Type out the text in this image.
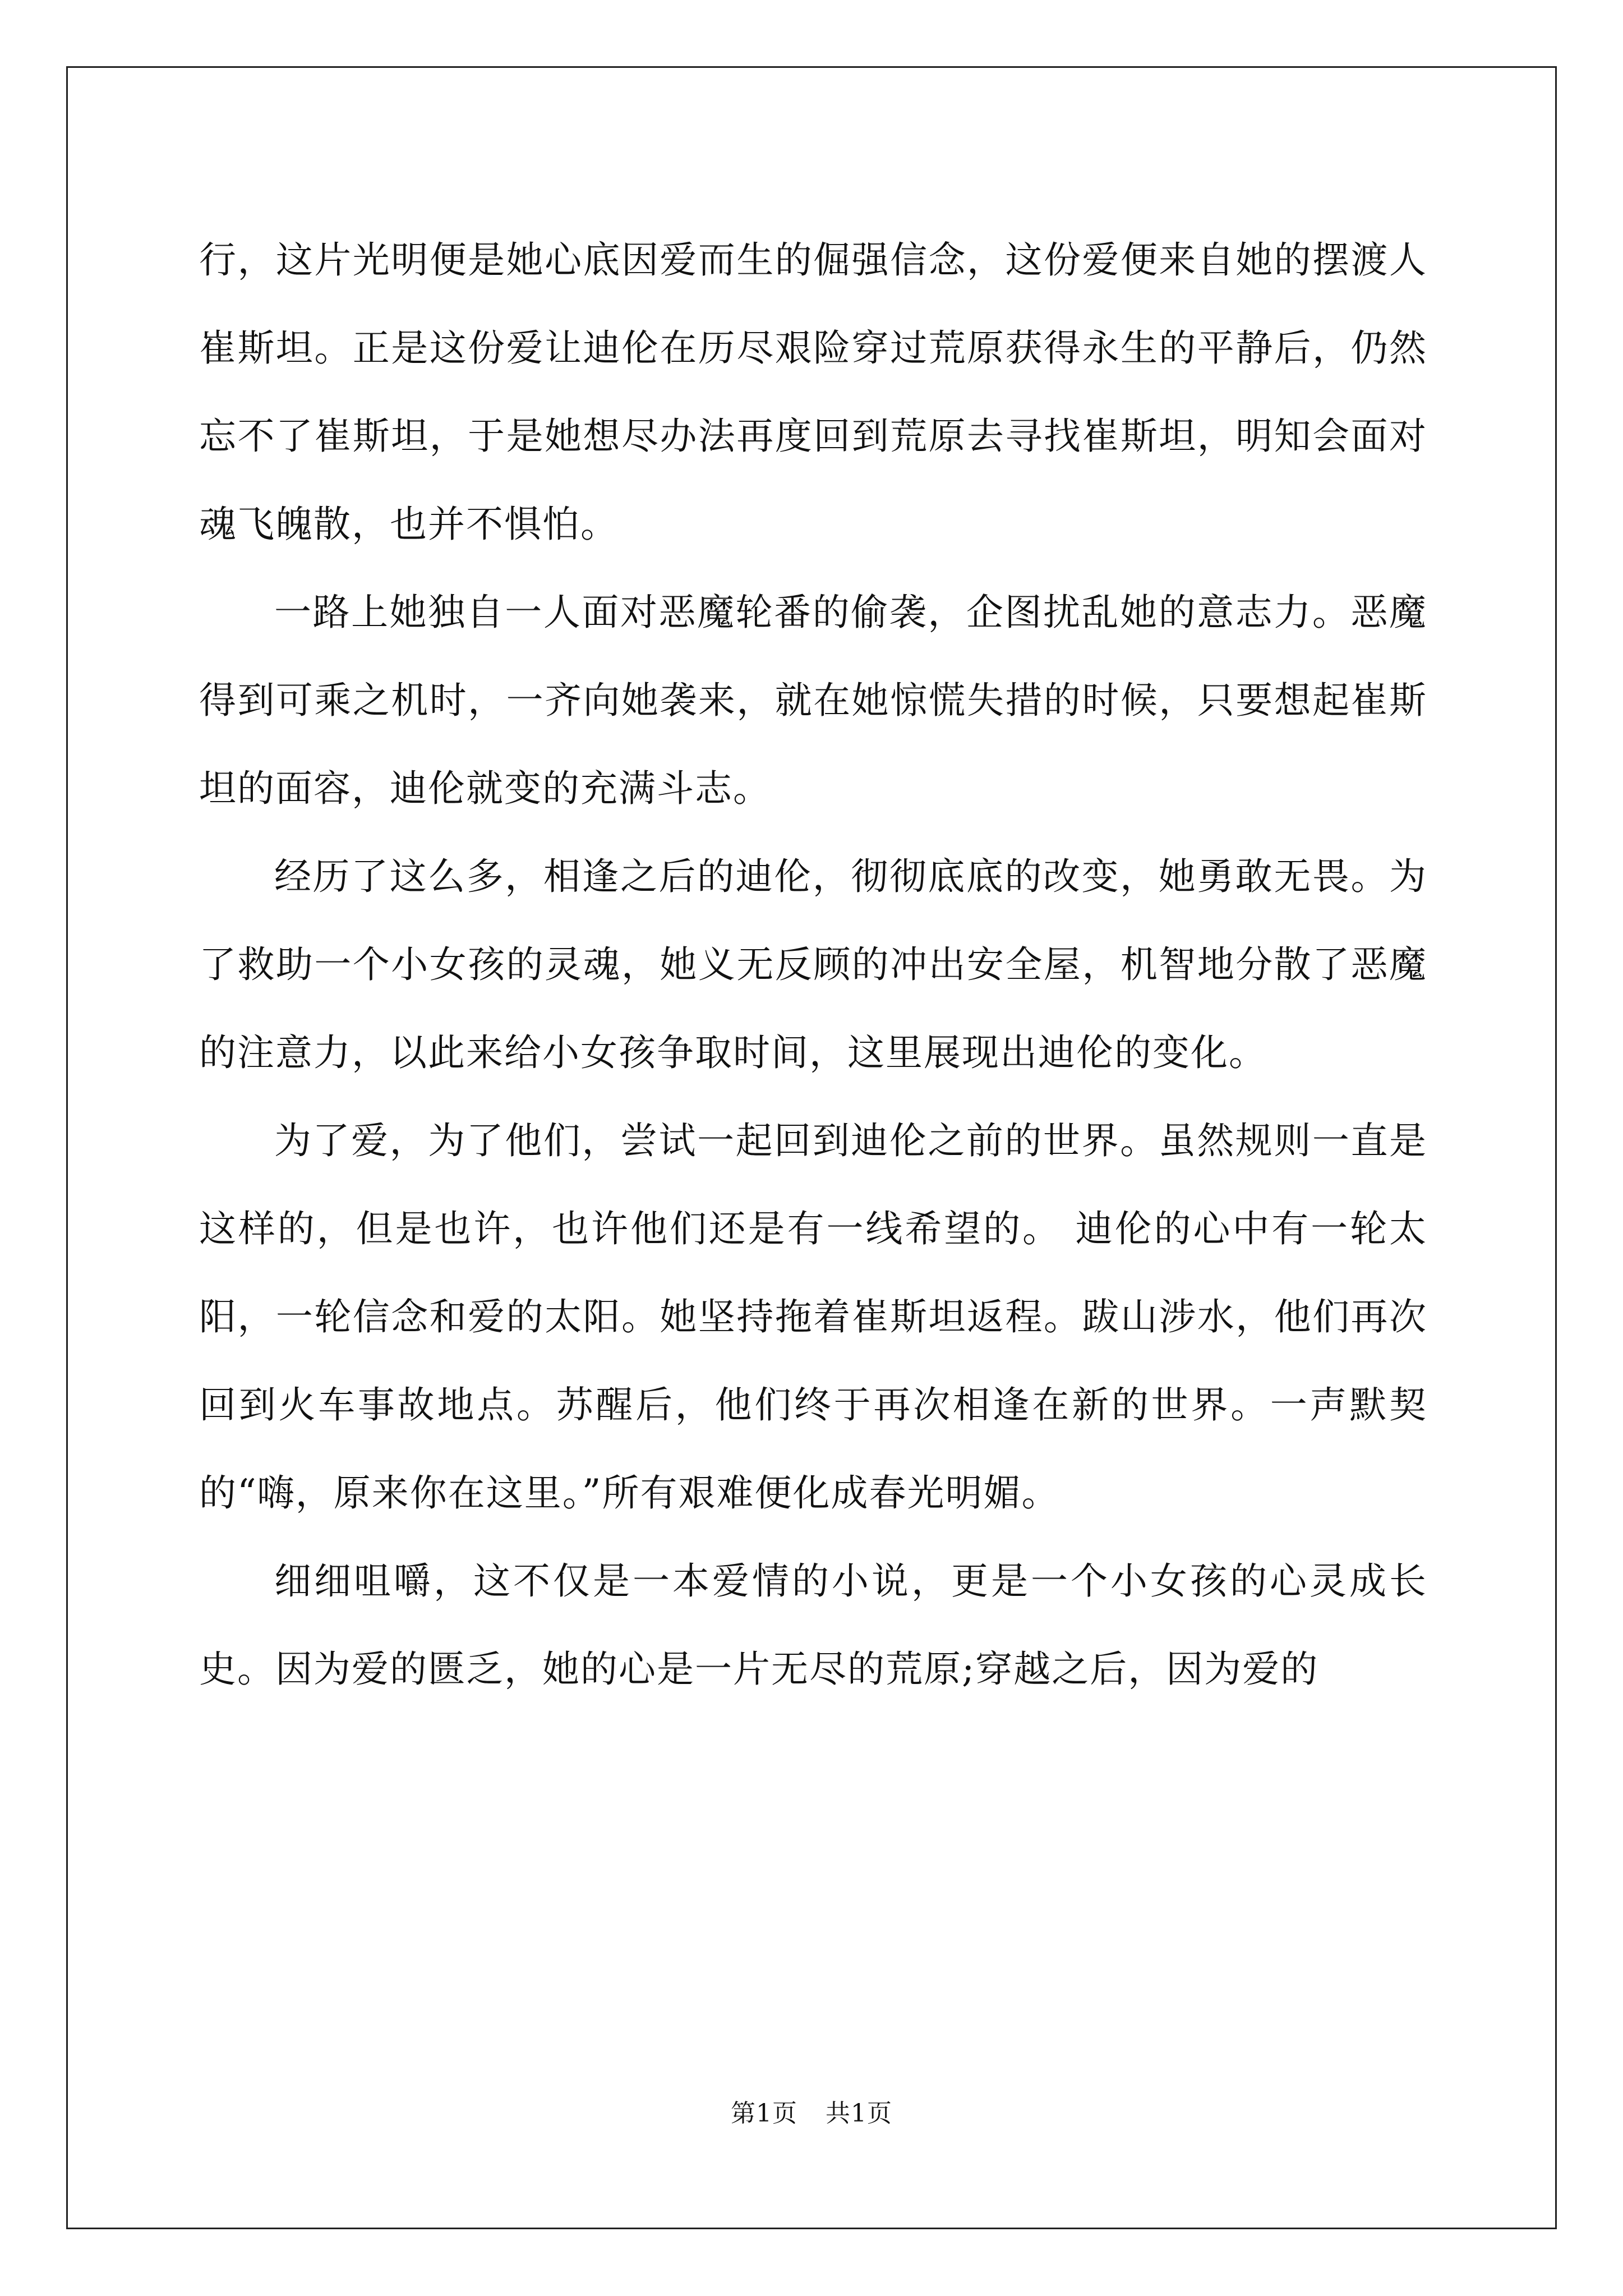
行，这片光明便是她心底因爱而生的倔强信念，这份爱便来自她的摆渡人崔斯坦。正是这份爱让迪伦在历尽艰险穿过荒原获得永生的平静后，仍然忘不了崔斯坦，于是她想尽办法再度回到荒原去寻找崔斯坦，明知会面对魂飞魄散，也并不惧怕。

一路上她独自一人面对恶魔轮番的偷袭，企图扰乱她的意志力。恶魔得到可乘之机时，一齐向她袭来，就在她惊慌失措的时候，只要想起崔斯坦的面容，迪伦就变的充满斗志。

经历了这么多，相逢之后的迪伦，彻彻底底的改变，她勇敢无畏。为了救助一个小女孩的灵魂，她义无反顾的冲出安全屋，机智地分散了恶魔的注意力，以此来给小女孩争取时间，这里展现出迪伦的变化。

为了爱，为了他们，尝试一起回到迪伦之前的世界。虽然规则一直是这样的，但是也许，也许他们还是有一线希望的。 迪伦的心中有一轮太阳，一轮信念和爱的太阳。她坚持拖着崔斯坦返程。跋山涉水，他们再次回到火车事故地点。苏醒后，他们终于再次相逢在新的世界。一声默契的“嗨，原来你在这里。”所有艰难便化成春光明媚。

细细咀嚼，这不仅是一本爱情的小说，更是一个小女孩的心灵成长史。因为爱的匮乏，她的心是一片无尽的荒原;穿越之后，因为爱的

第1页 共1页
